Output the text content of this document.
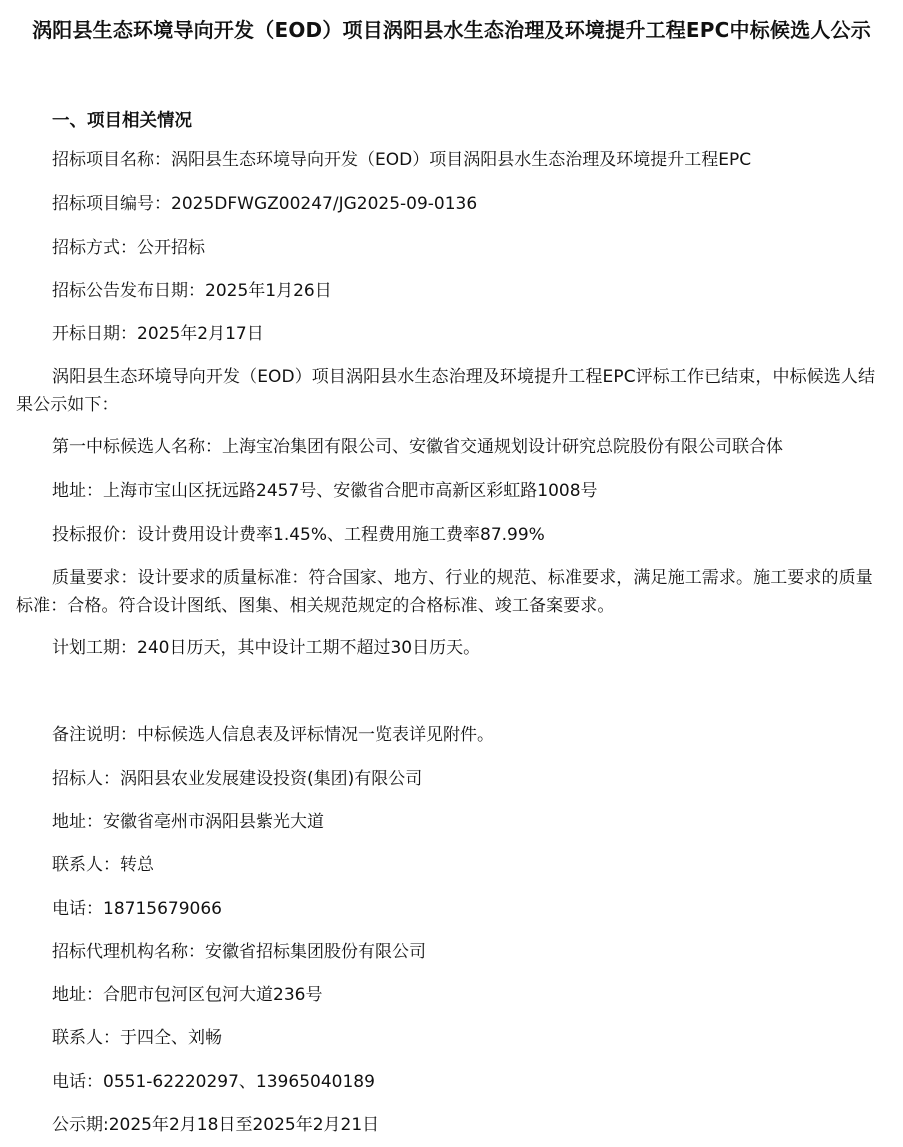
涡阳县生态环境导向开发（EOD）项目涡阳县水生态治理及环境提升工程EPC中标候选人公示
一、项目相关情况

招标项目名称：涡阳县生态环境导向开发（EOD）项目涡阳县水生态治理及环境提升工程EPC

招标项目编号：2025DFWGZ00247/JG2025-09-0136

招标方式：公开招标

招标公告发布日期：2025年1月26日

开标日期：2025年2月17日

涡阳县生态环境导向开发（EOD）项目涡阳县水生态治理及环境提升工程EPC评标工作已结束，中标候选人结果公示如下：

第一中标候选人名称：上海宝冶集团有限公司、安徽省交通规划设计研究总院股份有限公司联合体

地址：上海市宝山区抚远路2457号、安徽省合肥市高新区彩虹路1008号

投标报价：设计费用设计费率1.45%、工程费用施工费率87.99%

质量要求：设计要求的质量标准：符合国家、地方、行业的规范、标准要求，满足施工需求。施工要求的质量标准：合格。符合设计图纸、图集、相关规范规定的合格标准、竣工备案要求。

计划工期：240日历天，其中设计工期不超过30日历天。

备注说明：中标候选人信息表及评标情况一览表详见附件。

招标人：涡阳县农业发展建设投资(集团)有限公司

地址：安徽省亳州市涡阳县紫光大道

联系人：转总

电话：18715679066

招标代理机构名称：安徽省招标集团股份有限公司

地址：合肥市包河区包河大道236号

联系人：于四仝、刘畅

电话：0551-62220297、13965040189

公示期:2025年2月18日至2025年2月21日
